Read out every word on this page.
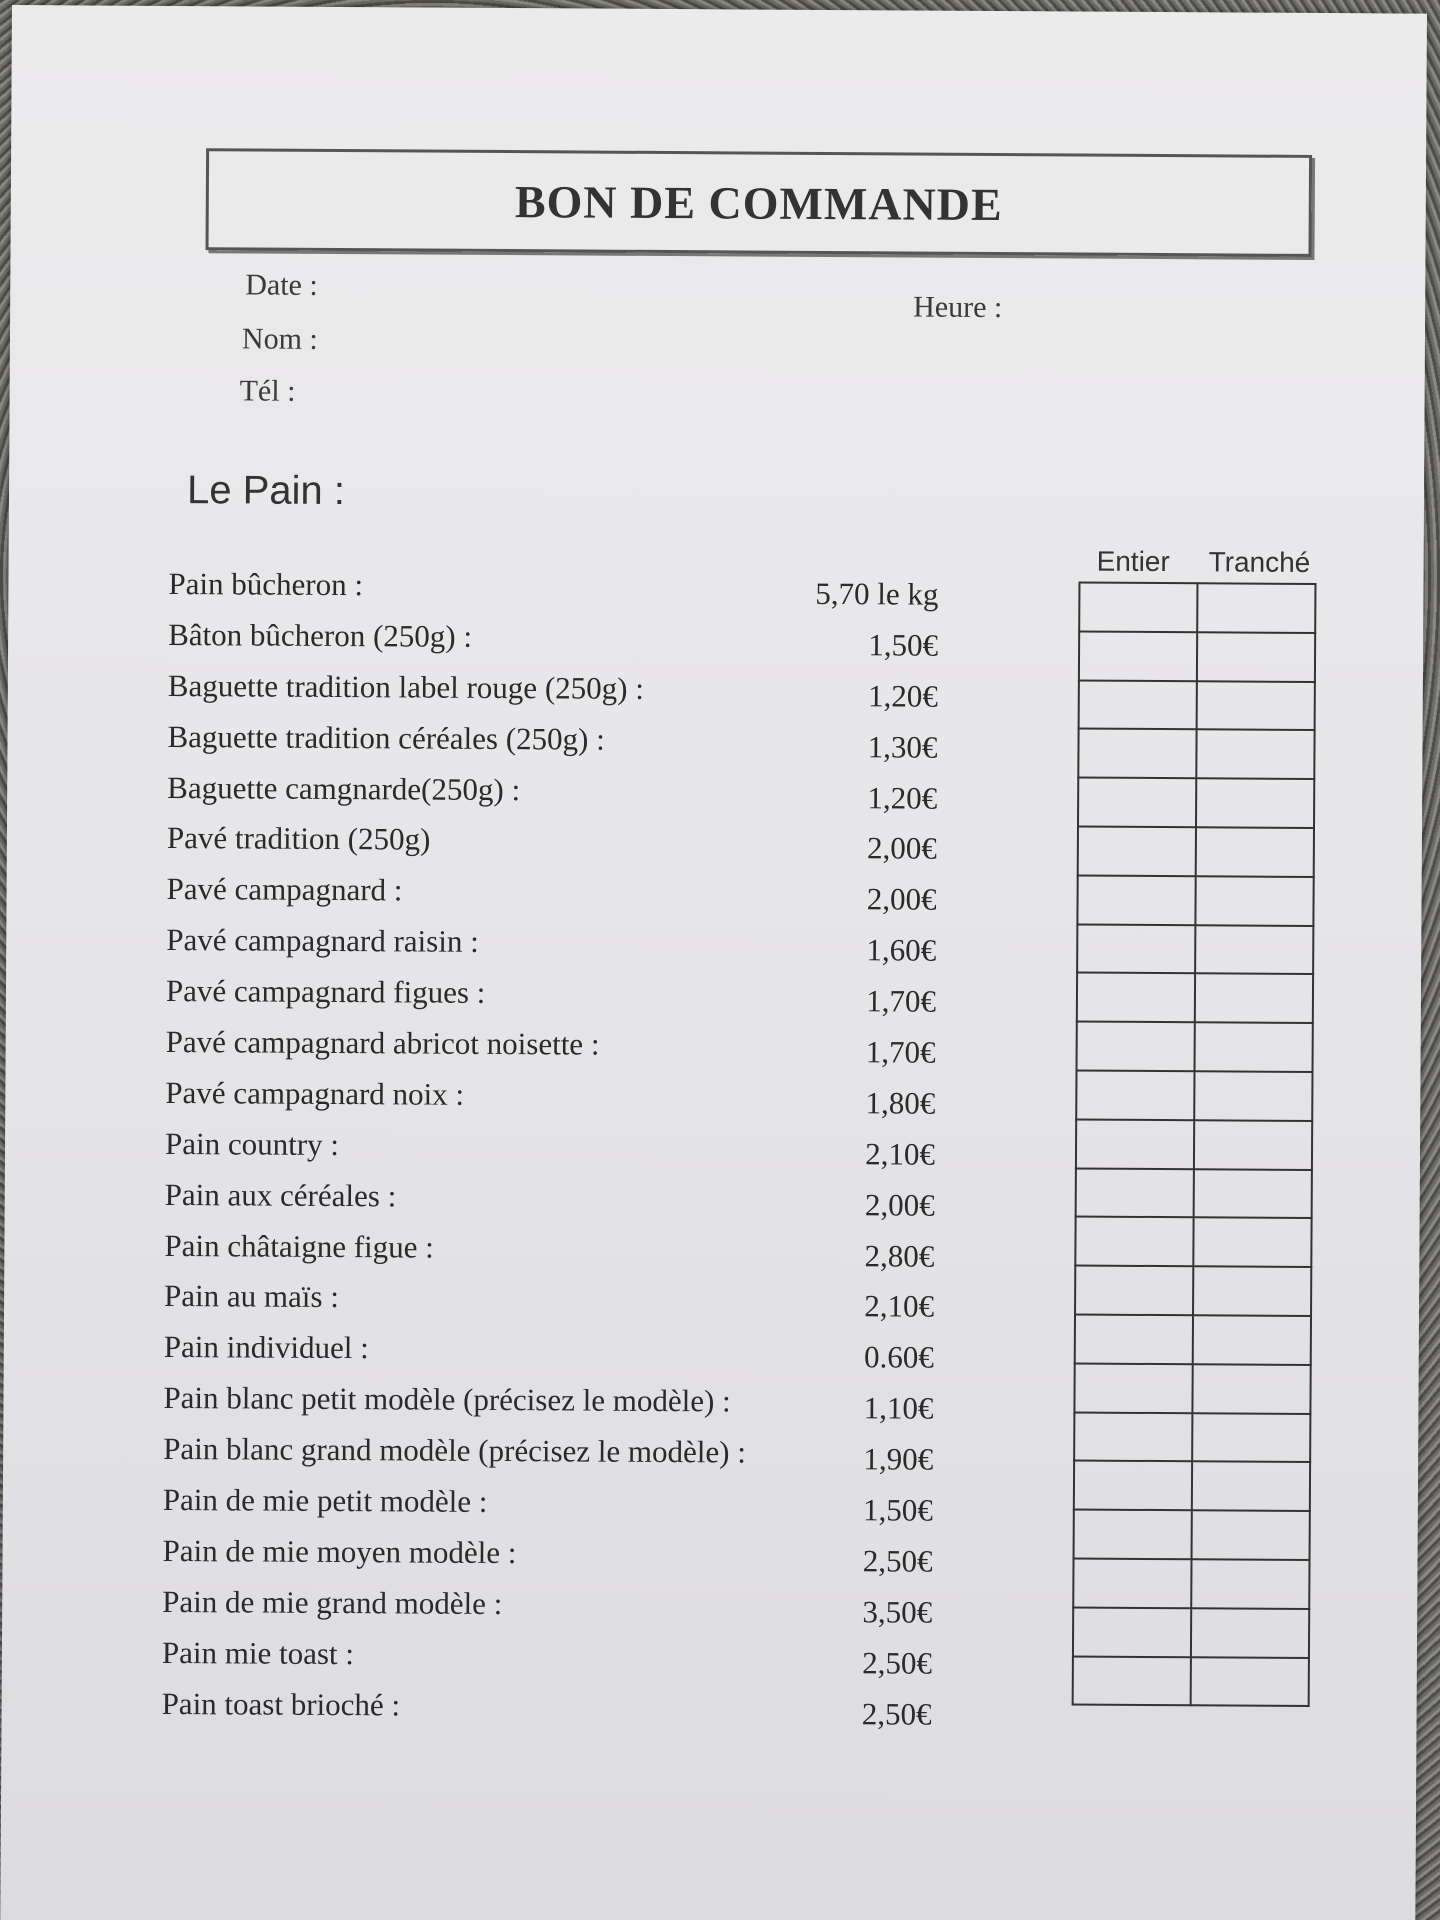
BON DE COMMANDE
Date :
Heure :
Nom :
Tél :
Le Pain :
Entier Tranché
Pain bûcheron :	5,70 le kg
Bâton bûcheron (250g) :	1,50€
Baguette tradition label rouge (250g) :	1,20€
Baguette tradition céréales (250g) :	1,30€
Baguette camgnarde(250g) :	1,20€
Pavé tradition (250g)	2,00€
Pavé campagnard :	2,00€
Pavé campagnard raisin :	1,60€
Pavé campagnard figues :	1,70€
Pavé campagnard abricot noisette :	1,70€
Pavé campagnard noix :	1,80€
Pain country :	2,10€
Pain aux céréales :	2,00€
Pain châtaigne figue :	2,80€
Pain au maïs :	2,10€
Pain individuel :	0.60€
Pain blanc petit modèle (précisez le modèle) :	1,10€
Pain blanc grand modèle (précisez le modèle) :	1,90€
Pain de mie petit modèle :	1,50€
Pain de mie moyen modèle :	2,50€
Pain de mie grand modèle :	3,50€
Pain mie toast :	2,50€
Pain toast brioché :	2,50€
